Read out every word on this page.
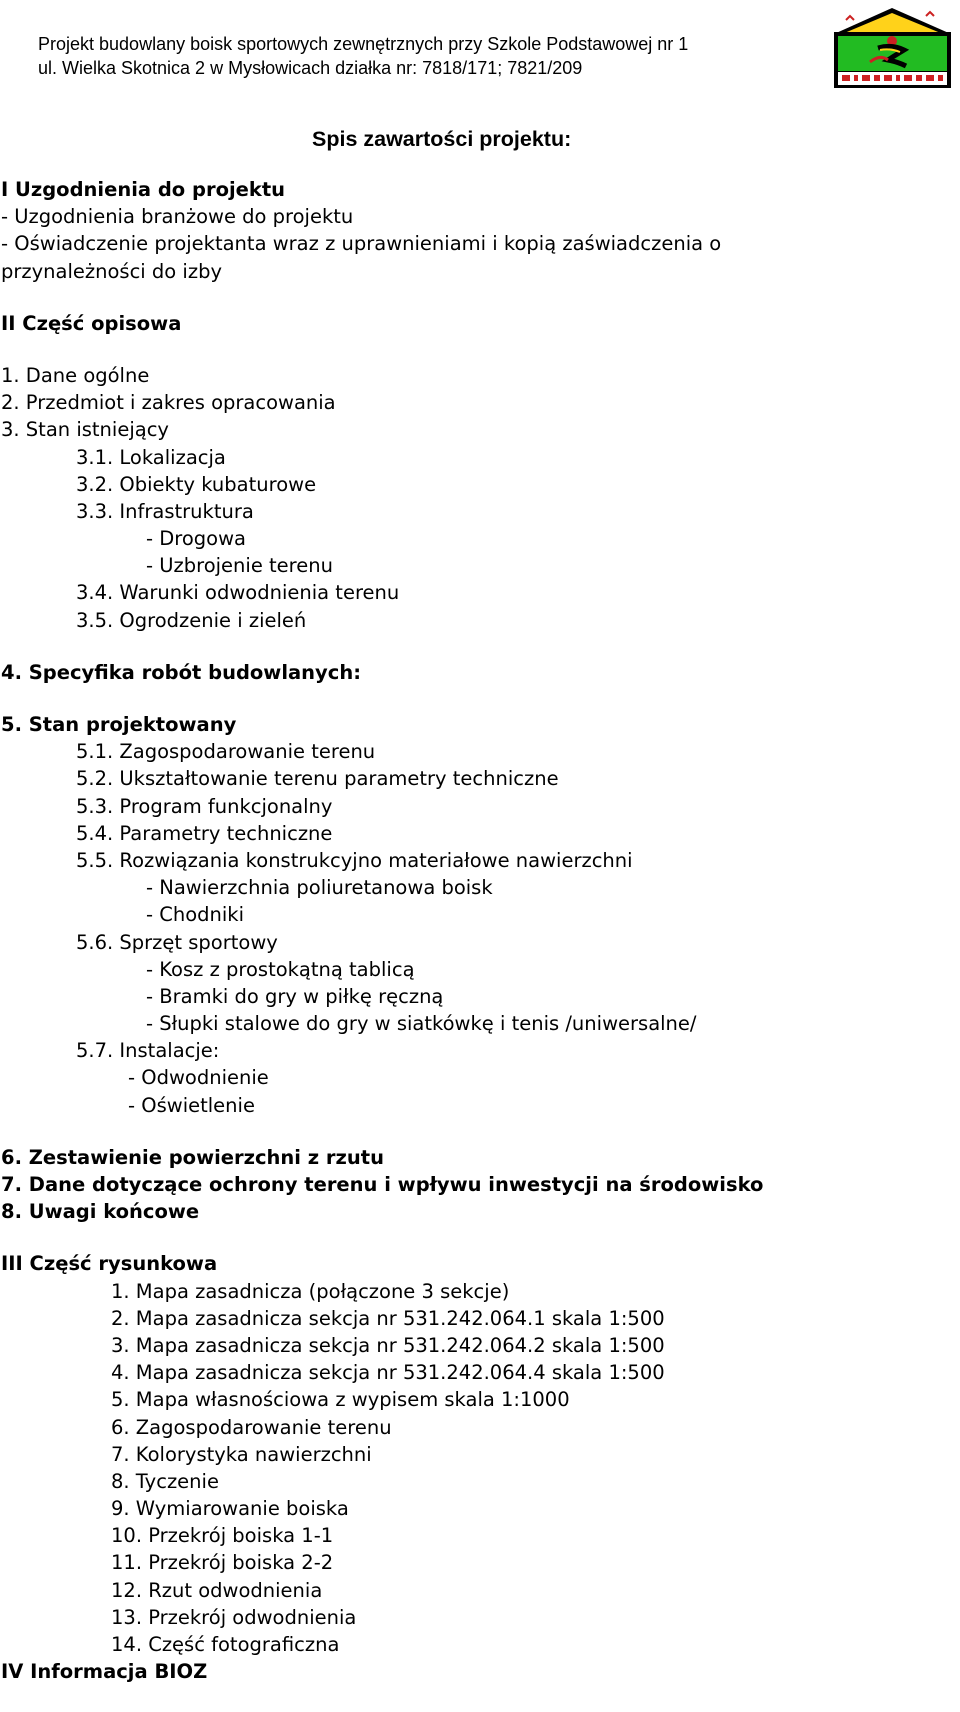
Projekt budowlany boisk sportowych zewnętrznych przy Szkole Podstawowej nr 1
ul. Wielka Skotnica 2 w Mysłowicach działka nr: 7818/171; 7821/209
Spis zawartości projektu:
I Uzgodnienia do projektu
- Uzgodnienia branżowe do projektu
- Oświadczenie projektanta wraz z uprawnieniami i kopią zaświadczenia o
przynależności do izby
II Część opisowa
1. Dane ogólne
2. Przedmiot i zakres opracowania
3. Stan istniejący
3.1. Lokalizacja
3.2. Obiekty kubaturowe
3.3. Infrastruktura
- Drogowa
- Uzbrojenie terenu
3.4. Warunki odwodnienia terenu
3.5. Ogrodzenie i zieleń
4. Specyfika robót budowlanych:
5. Stan projektowany
5.1. Zagospodarowanie terenu
5.2. Ukształtowanie terenu parametry techniczne
5.3. Program funkcjonalny
5.4. Parametry techniczne
5.5. Rozwiązania konstrukcyjno materiałowe nawierzchni
- Nawierzchnia poliuretanowa boisk
- Chodniki
5.6. Sprzęt sportowy
- Kosz z prostokątną tablicą
- Bramki do gry w piłkę ręczną
- Słupki stalowe do gry w siatkówkę i tenis /uniwersalne/
5.7. Instalacje:
- Odwodnienie
- Oświetlenie
6. Zestawienie powierzchni z rzutu
7. Dane dotyczące ochrony terenu i wpływu inwestycji na środowisko
8. Uwagi końcowe
III Część rysunkowa
1. Mapa zasadnicza (połączone 3 sekcje)
2. Mapa zasadnicza sekcja nr 531.242.064.1 skala 1:500
3. Mapa zasadnicza sekcja nr 531.242.064.2 skala 1:500
4. Mapa zasadnicza sekcja nr 531.242.064.4 skala 1:500
5. Mapa własnościowa z wypisem skala 1:1000
6. Zagospodarowanie terenu
7. Kolorystyka nawierzchni
8. Tyczenie
9. Wymiarowanie boiska
10. Przekrój boiska 1-1
11. Przekrój boiska 2-2
12. Rzut odwodnienia
13. Przekrój odwodnienia
14. Część fotograficzna
IV Informacja BIOZ
